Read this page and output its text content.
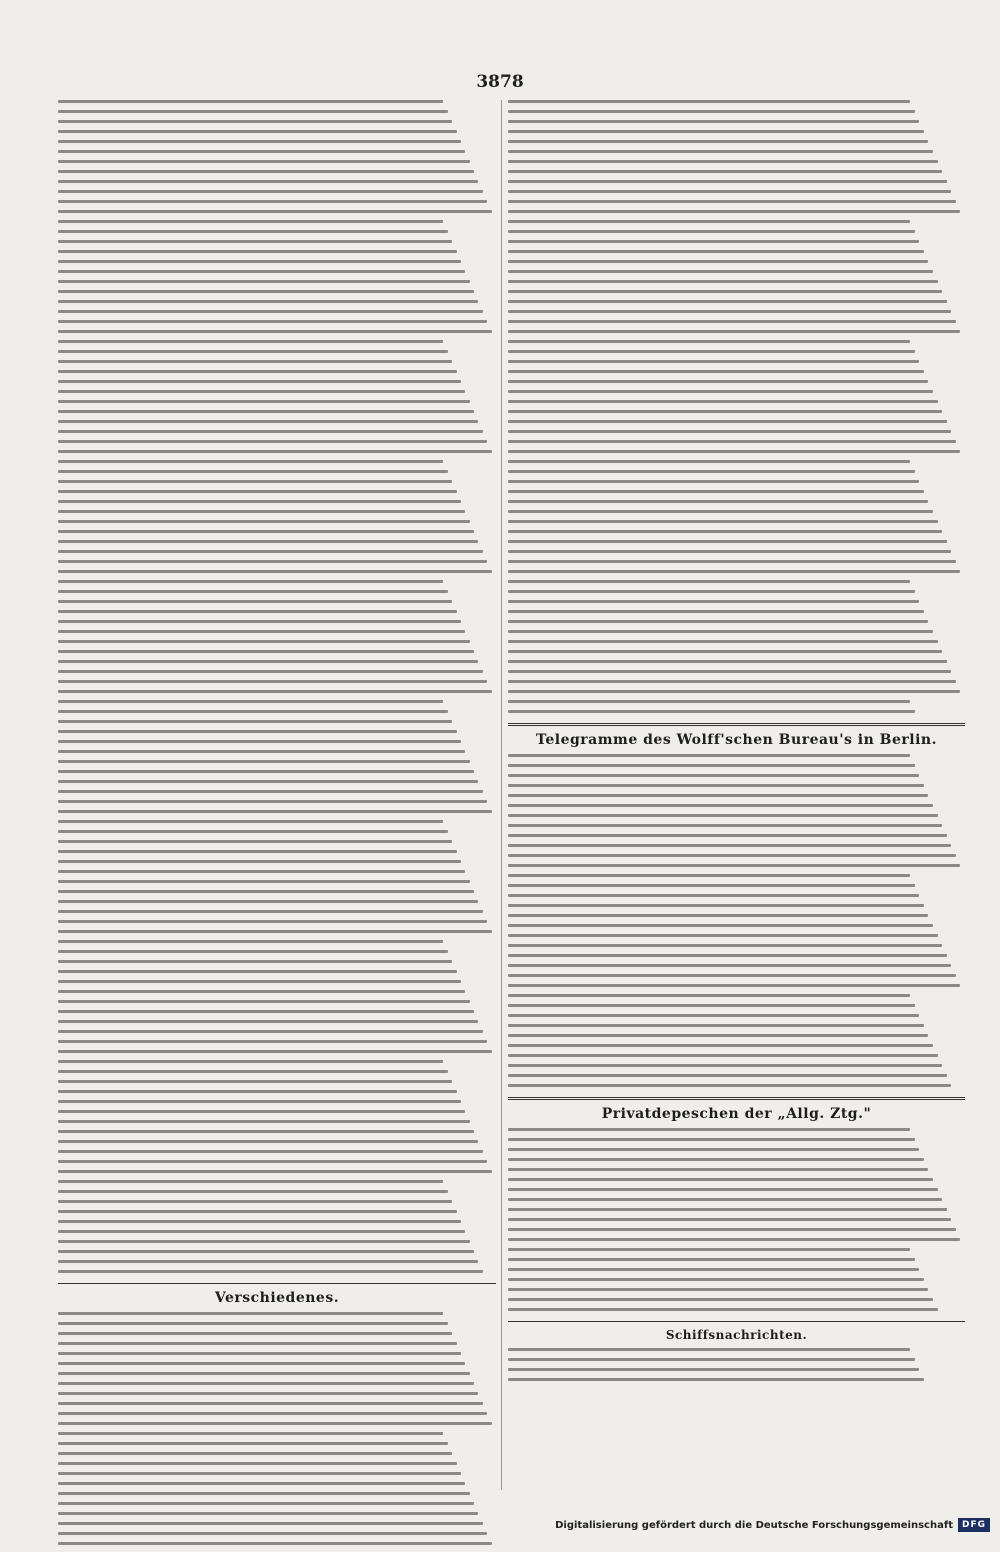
3878
Verschiedenes.
Telegramme des Wolff'schen Bureau's in Berlin.
Privatdepeschen der „Allg. Ztg."
Schiffsnachrichten.
Digitalisierung gefördert durch die Deutsche Forschungsgemeinschaft	DFG
